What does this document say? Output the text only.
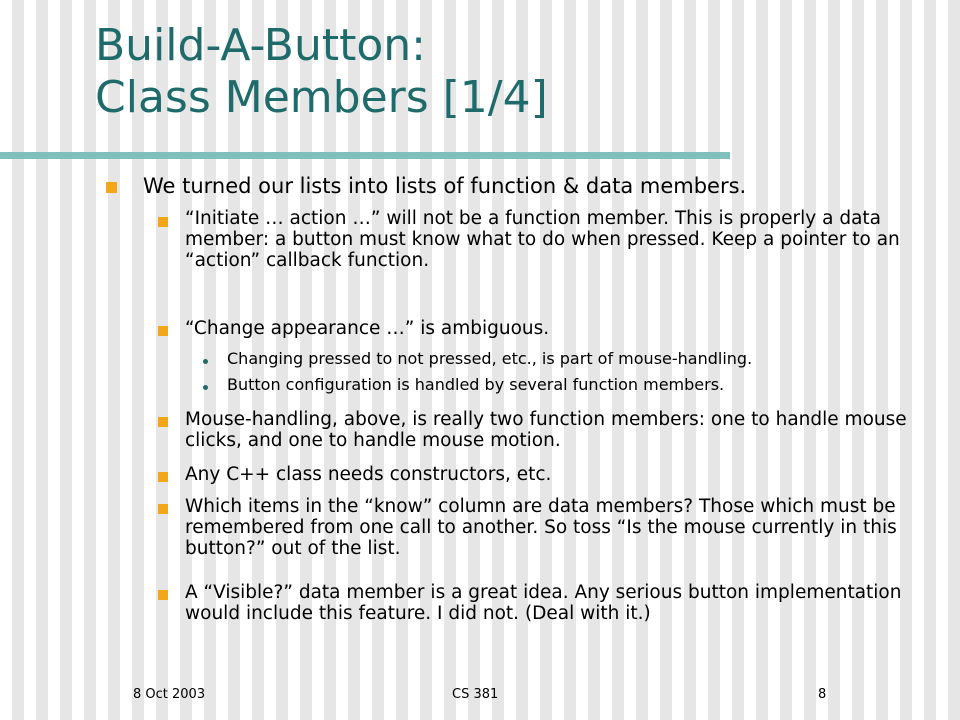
Build-A-Button:
Class Members [1/4]
We turned our lists into lists of function & data members.
“Initiate … action …” will not be a function member. This is properly a data member: a button must know what to do when pressed. Keep a pointer to an “action” callback function.
“Change appearance …” is ambiguous.
Changing pressed to not pressed, etc., is part of mouse-handling.
Button configuration is handled by several function members.
Mouse-handling, above, is really two function members: one to handle mouse clicks, and one to handle mouse motion.
Any C++ class needs constructors, etc.
Which items in the “know” column are data members? Those which must be remembered from one call to another. So toss “Is the mouse currently in this button?” out of the list.
A “Visible?” data member is a great idea. Any serious button implementation would include this feature. I did not. (Deal with it.)
8 Oct 2003	CS 381	8
